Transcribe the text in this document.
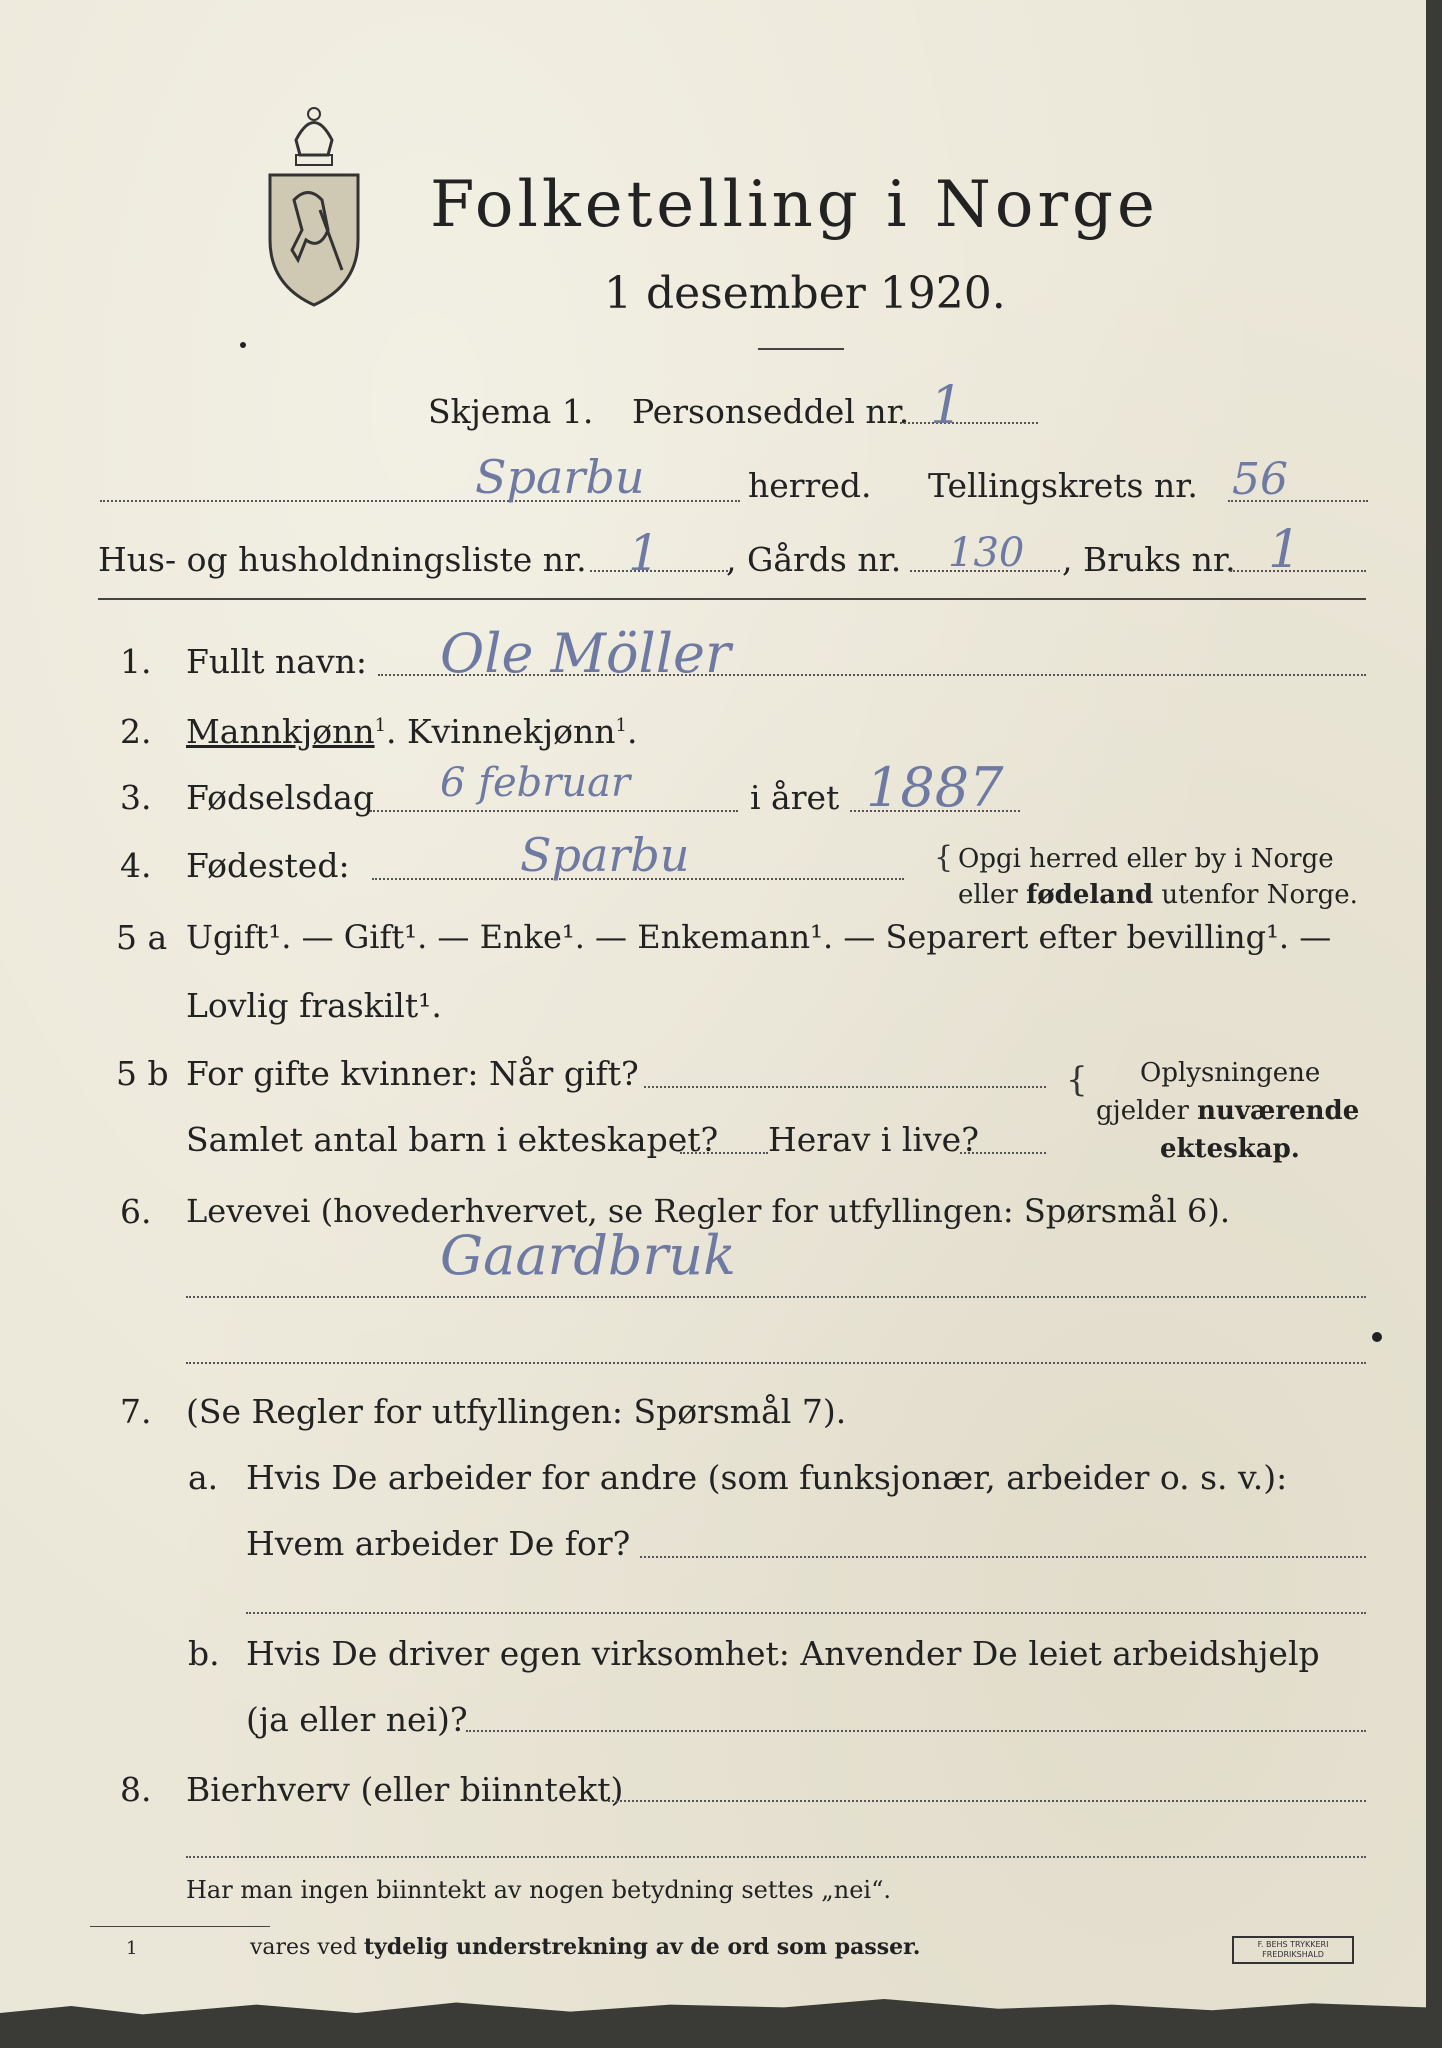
Folketelling i Norge
1 desember 1920.
Skjema 1. Personseddel nr. 1
Sparbu	herred. Tellingskrets nr. 56
Hus- og husholdningsliste nr. 1 , Gårds nr. 130 , Bruks nr. 1
1. Fullt navn: Ole Möller
2. Mannkjønn$^1$. Kvinnekjønn$^1$.
3. Fødselsdag 6 februar	i året 1887
4. Fødested:	Sparbu	{ Opgi herred eller by i Norge
eller fødeland utenfor Norge.
5 a Ugift¹. — Gift¹. — Enke¹. — Enkemann¹. — Separert efter bevilling¹. —
Lovlig fraskilt¹.
5 b For gifte kvinner: Når gift?
Samlet antal barn i ekteskapet? Herav i live?
{ Oplysningene
gjelder nuværende
ekteskap.
6. Levevei (hovederhvervet, se Regler for utfyllingen: Spørsmål 6).
Gaardbruk
7. (Se Regler for utfyllingen: Spørsmål 7).
a. Hvis De arbeider for andre (som funksjonær, arbeider o. s. v.):
Hvem arbeider De for?
b. Hvis De driver egen virksomhet: Anvender De leiet arbeidshjelp
(ja eller nei)?
8. Bierhverv (eller biinntekt)
Har man ingen biinntekt av nogen betydning settes „nei“.
1	vares ved tydelig understrekning av de ord som passer.	F. BEHS TRYKKERI FREDRIKSHALD
